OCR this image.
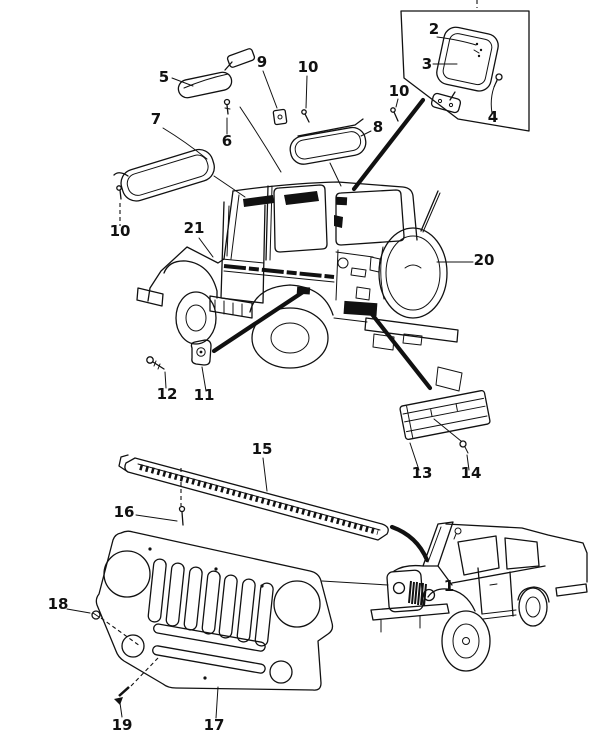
2
3
4
5
6
7
9 10
10
8
10	21
20
11
12
13 14
15
16
17
18
19
1
